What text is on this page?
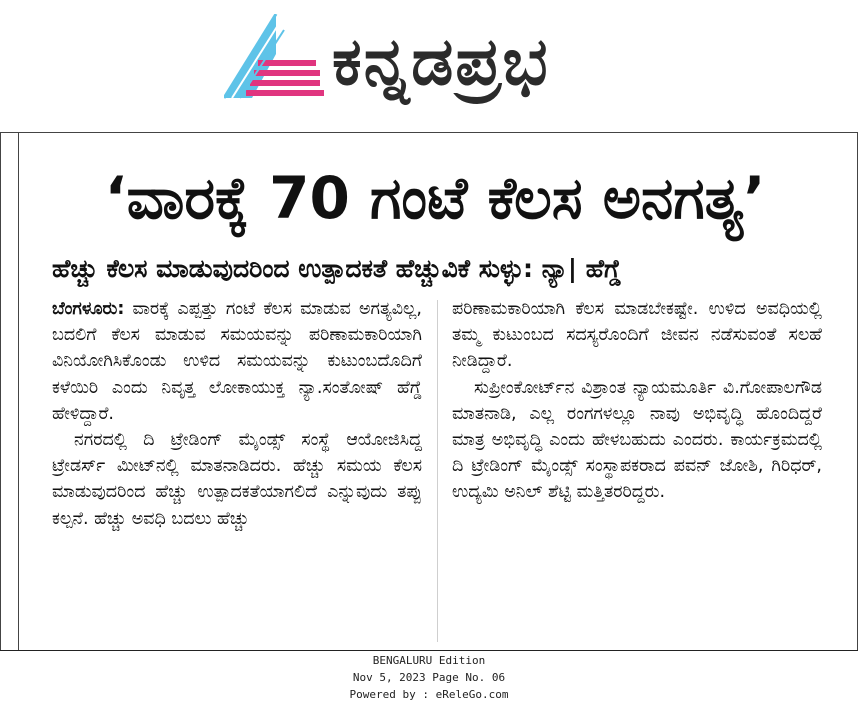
ಕನ್ನಡಪ್ರಭ
‘ವಾರಕ್ಕೆ 70 ಗಂಟೆ ಕೆಲಸ ಅನಗತ್ಯ’
ಹೆಚ್ಚು ಕೆಲಸ ಮಾಡುವುದರಿಂದ ಉತ್ಪಾದಕತೆ ಹೆಚ್ಚುವಿಕೆ ಸುಳ್ಳು: ನ್ಯಾ| ಹೆಗ್ಡೆ

ಬೆಂಗಳೂರು: ವಾರಕ್ಕೆ ಎಪ್ಪತ್ತು ಗಂಟೆ ಕೆಲಸ ಮಾಡುವ ಅಗತ್ಯವಿಲ್ಲ, ಬದಲಿಗೆ ಕೆಲಸ ಮಾಡುವ ಸಮಯವನ್ನು ಪರಿಣಾಮಕಾರಿಯಾಗಿ ವಿನಿಯೋಗಿಸಿಕೊಂಡು ಉಳಿದ ಸಮಯವನ್ನು ಕುಟುಂಬದೊದಿಗೆ ಕಳೆಯಿರಿ ಎಂದು ನಿವೃತ್ತ ಲೋಕಾಯುಕ್ತ ನ್ಯಾ.ಸಂತೋಷ್ ಹೆಗ್ಡೆ ಹೇಳಿದ್ದಾರೆ.

ನಗರದಲ್ಲಿ ದಿ ಟ್ರೇಡಿಂಗ್ ಮೈಂಡ್ಸ್ ಸಂಸ್ಥೆ ಆಯೋಜಿಸಿದ್ದ ಟ್ರೇಡರ್ಸ್ ಮೀಟ್‌ನಲ್ಲಿ ಮಾತನಾಡಿದರು. ಹೆಚ್ಚು ಸಮಯ ಕೆಲಸ ಮಾಡುವುದರಿಂದ ಹೆಚ್ಚು ಉತ್ಪಾದಕತೆಯಾಗಲಿದೆ ಎನ್ನುವುದು ತಪ್ಪು ಕಲ್ಪನೆ. ಹೆಚ್ಚು ಅವಧಿ ಬದಲು ಹೆಚ್ಚು

ಪರಿಣಾಮಕಾರಿಯಾಗಿ ಕೆಲಸ ಮಾಡಬೇಕಷ್ಟೇ. ಉಳಿದ ಅವಧಿಯಲ್ಲಿ ತಮ್ಮ ಕುಟುಂಬದ ಸದಸ್ಯರೊಂದಿಗೆ ಜೀವನ ನಡೆಸುವಂತೆ ಸಲಹೆ ನೀಡಿದ್ದಾರೆ.

ಸುಪ್ರೀಂಕೋರ್ಟ್‌ನ ವಿಶ್ರಾಂತ ನ್ಯಾಯಮೂರ್ತಿ ವಿ.ಗೋಪಾಲಗೌಡ ಮಾತನಾಡಿ, ಎಲ್ಲ ರಂಗಗಳಲ್ಲೂ ನಾವು ಅಭಿವೃದ್ಧಿ ಹೊಂದಿದ್ದರೆ ಮಾತ್ರ ಅಭಿವೃದ್ಧಿ ಎಂದು ಹೇಳಬಹುದು ಎಂದರು. ಕಾರ್ಯಕ್ರಮದಲ್ಲಿ ದಿ ಟ್ರೇಡಿಂಗ್ ಮೈಂಡ್ಸ್ ಸಂಸ್ಥಾಪಕರಾದ ಪವನ್ ಜೋಶಿ, ಗಿರಿಧರ್, ಉದ್ಯಮಿ ಅನಿಲ್ ಶೆಟ್ಟಿ ಮತ್ತಿತರರಿದ್ದರು.

BENGALURU Edition
Nov 5, 2023 Page No. 06
Powered by : eReleGo.com
